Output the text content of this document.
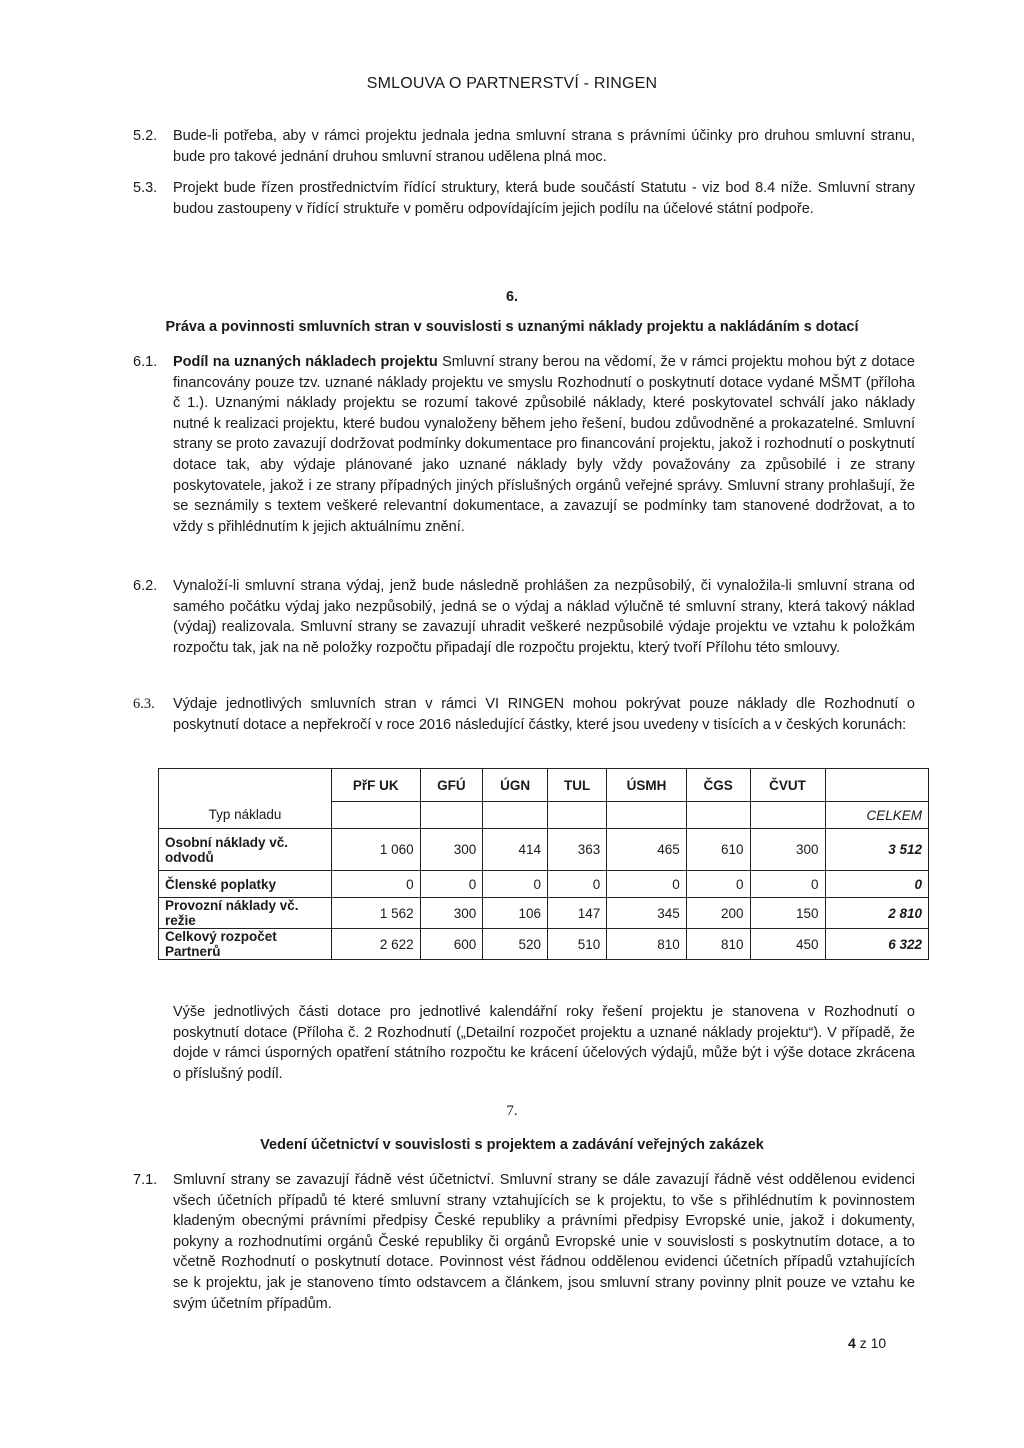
SMLOUVA O PARTNERSTVÍ - RINGEN
5.2. Bude-li potřeba, aby v rámci projektu jednala jedna smluvní strana s právními účinky pro druhou smluvní stranu, bude pro takové jednání druhou smluvní stranou udělena plná moc.
5.3. Projekt bude řízen prostřednictvím řídící struktury, která bude součástí Statutu - viz bod 8.4 níže. Smluvní strany budou zastoupeny v řídící struktuře v poměru odpovídajícím jejich podílu na účelové státní podpoře.
6.
Práva a povinnosti smluvních stran v souvislosti s uznanými náklady projektu a nakládáním s dotací
6.1. Podíl na uznaných nákladech projektu Smluvní strany berou na vědomí, že v rámci projektu mohou být z dotace financovány pouze tzv. uznané náklady projektu ve smyslu Rozhodnutí o poskytnutí dotace vydané MŠMT (příloha č 1.). Uznanými náklady projektu se rozumí takové způsobilé náklady, které poskytovatel schválí jako náklady nutné k realizaci projektu, které budou vynaloženy během jeho řešení, budou zdůvodněné a prokazatelné. Smluvní strany se proto zavazují dodržovat podmínky dokumentace pro financování projektu, jakož i rozhodnutí o poskytnutí dotace tak, aby výdaje plánované jako uznané náklady byly vždy považovány za způsobilé i ze strany poskytovatele, jakož i ze strany případných jiných příslušných orgánů veřejné správy. Smluvní strany prohlašují, že se seznámily s textem veškeré relevantní dokumentace, a zavazují se podmínky tam stanovené dodržovat, a to vždy s přihlédnutím k jejich aktuálnímu znění.
6.2. Vynaloží-li smluvní strana výdaj, jenž bude následně prohlášen za nezpůsobilý, či vynaložila-li smluvní strana od samého počátku výdaj jako nezpůsobilý, jedná se o výdaj a náklad výlučně té smluvní strany, která takový náklad (výdaj) realizovala. Smluvní strany se zavazují uhradit veškeré nezpůsobilé výdaje projektu ve vztahu k položkám rozpočtu tak, jak na ně položky rozpočtu připadají dle rozpočtu projektu, který tvoří Přílohu této smlouvy.
6.3. Výdaje jednotlivých smluvních stran v rámci VI RINGEN mohou pokrývat pouze náklady dle Rozhodnutí o poskytnutí dotace a nepřekročí v roce 2016 následující částky, které jsou uvedeny v tisících a v českých korunách:
	PřF UK	GFÚ	ÚGN	TUL	ÚSMH	ČGS	ČVUT	
Typ nákladu								CELKEM
Osobní náklady vč. odvodů	1 060	300	414	363	465	610	300	3 512
Členské poplatky	0	0	0	0	0	0	0	0
Provozní náklady vč. režie	1 562	300	106	147	345	200	150	2 810
Celkový rozpočet Partnerů	2 622	600	520	510	810	810	450	6 322
Výše jednotlivých části dotace pro jednotlivé kalendářní roky řešení projektu je stanovena v Rozhodnutí o poskytnutí dotace (Příloha č. 2 Rozhodnutí („Detailní rozpočet projektu a uznané náklady projektu“). V případě, že dojde v rámci úsporných opatření státního rozpočtu ke krácení účelových výdajů, může být i výše dotace zkrácena o příslušný podíl.
7.
Vedení účetnictví v souvislosti s projektem a zadávání veřejných zakázek
7.1. Smluvní strany se zavazují řádně vést účetnictví. Smluvní strany se dále zavazují řádně vést oddělenou evidenci všech účetních případů té které smluvní strany vztahujících se k projektu, to vše s přihlédnutím k povinnostem kladeným obecnými právními předpisy České republiky a právními předpisy Evropské unie, jakož i dokumenty, pokyny a rozhodnutími orgánů České republiky či orgánů Evropské unie v souvislosti s poskytnutím dotace, a to včetně Rozhodnutí o poskytnutí dotace. Povinnost vést řádnou oddělenou evidenci účetních případů vztahujících se k projektu, jak je stanoveno tímto odstavcem a článkem, jsou smluvní strany povinny plnit pouze ve vztahu ke svým účetním případům.
4 z 10
